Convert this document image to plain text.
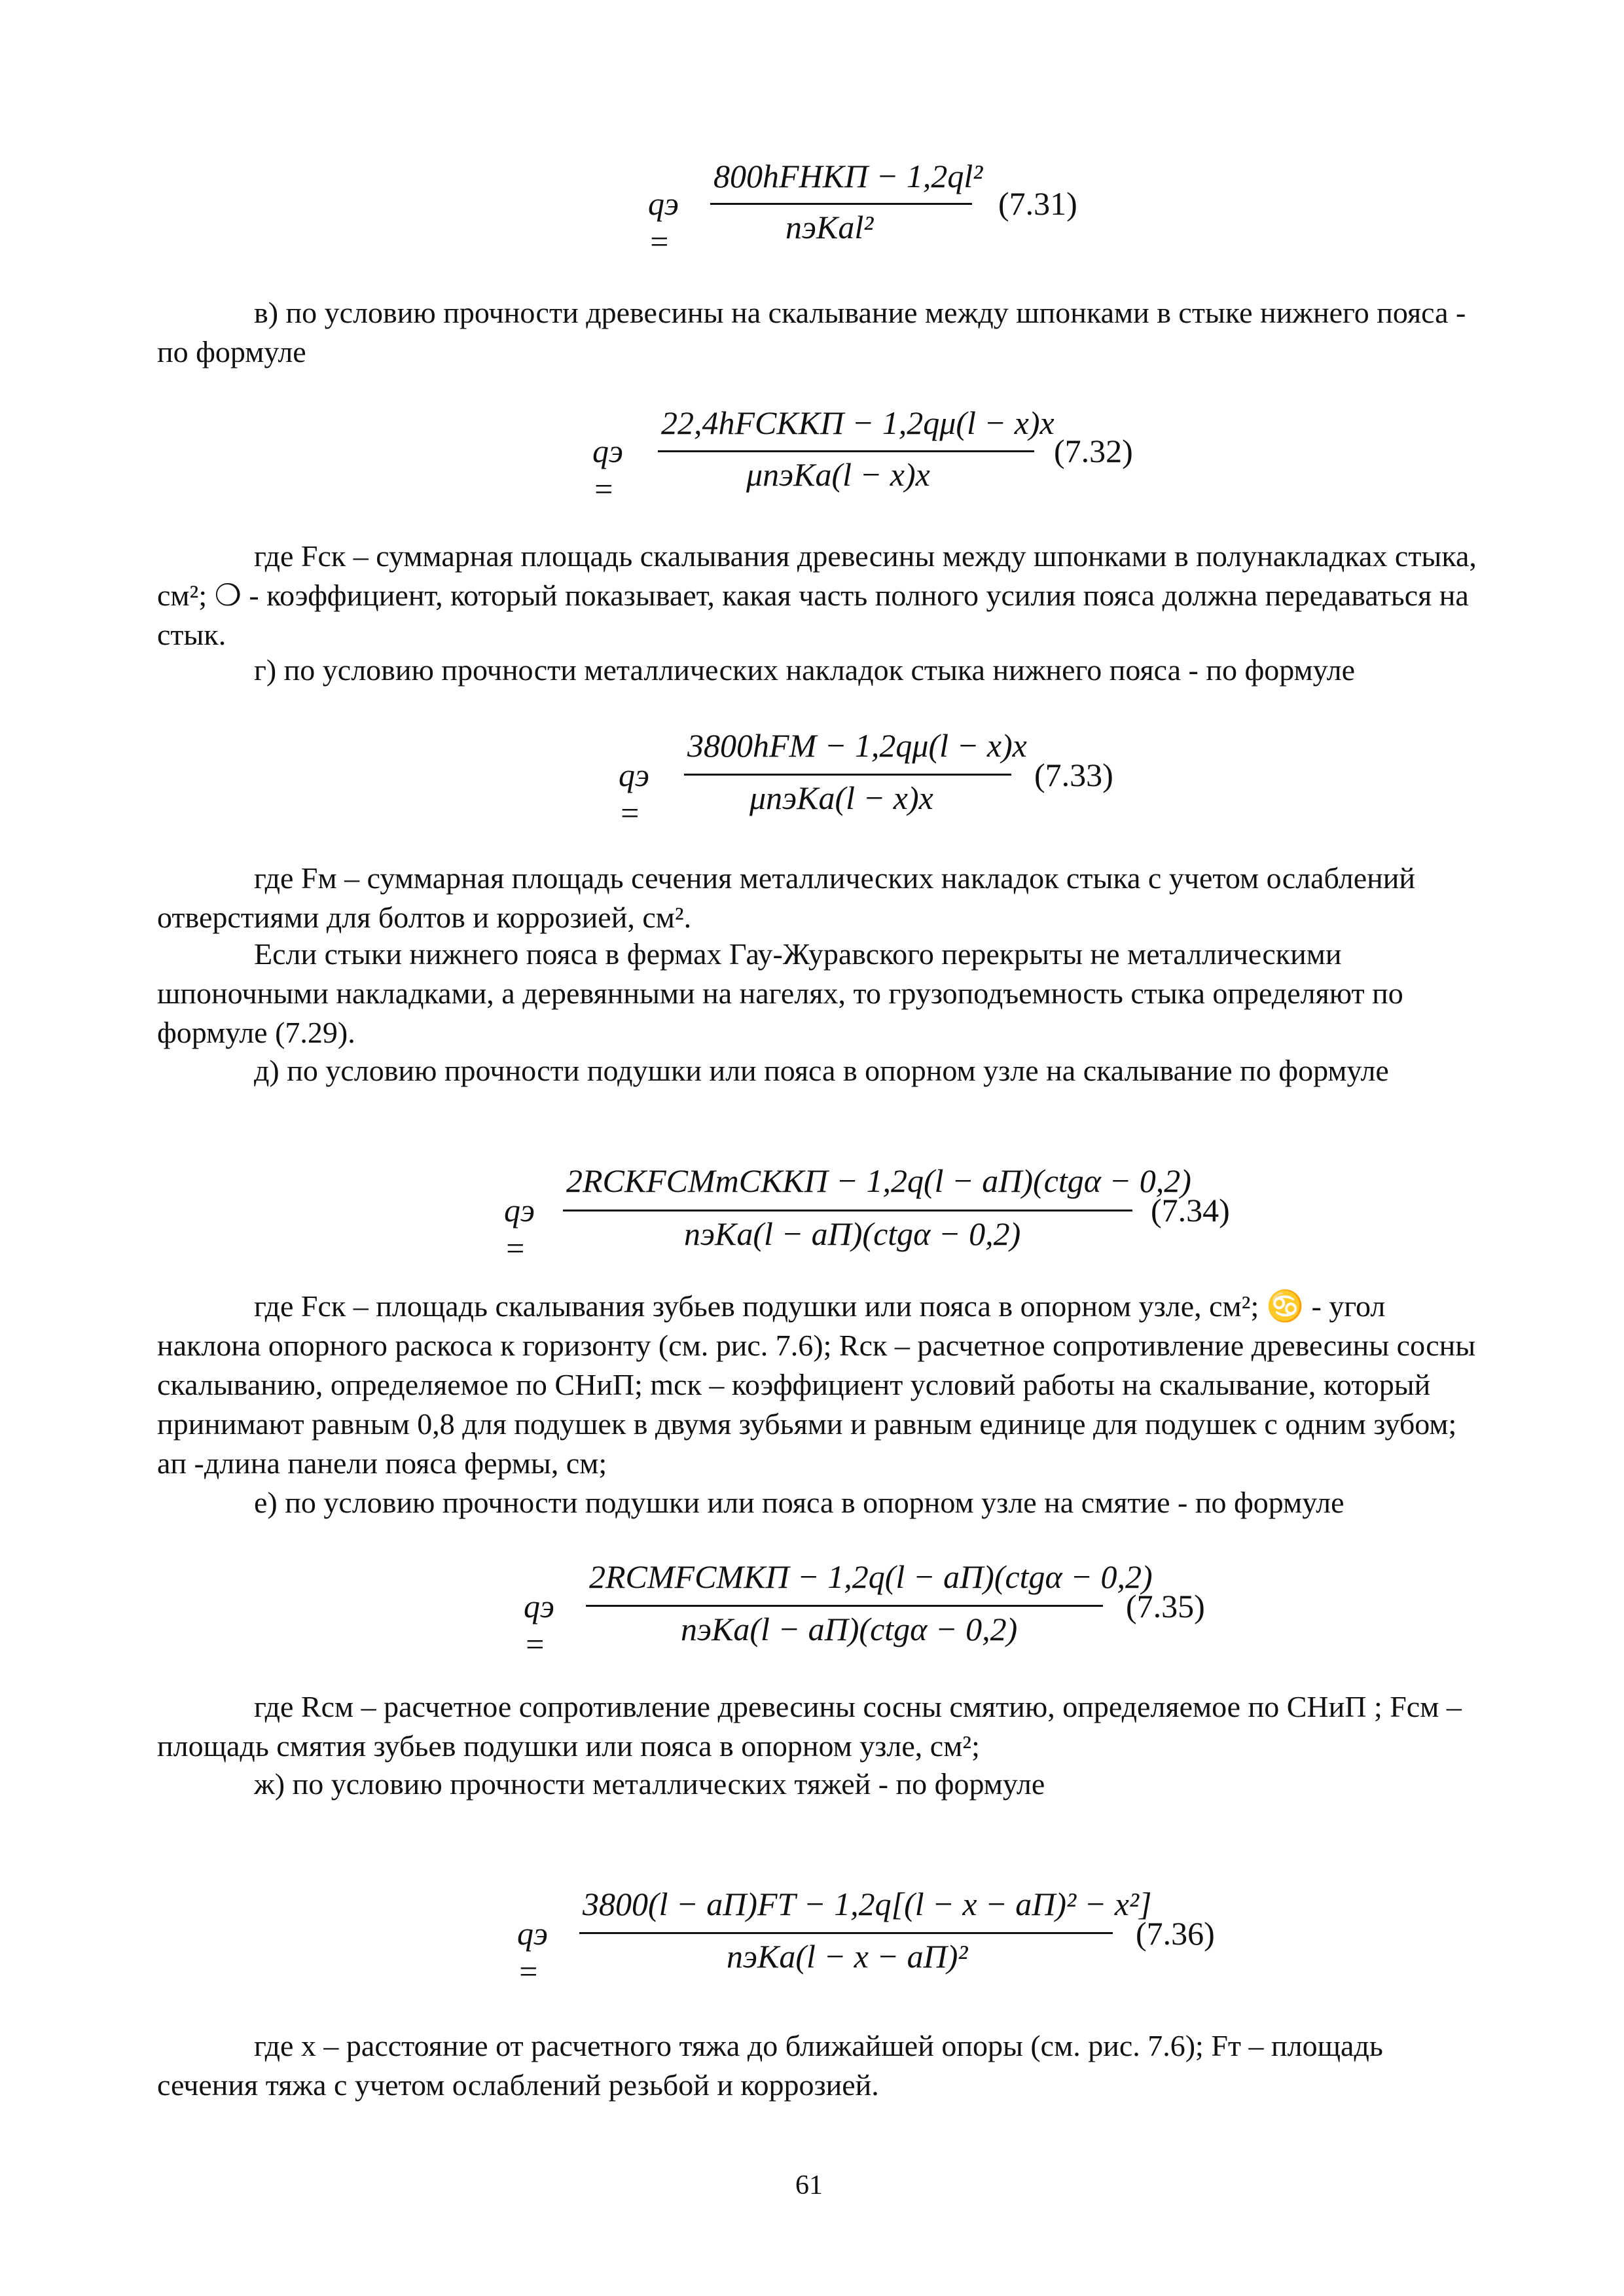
qэ =
800hFHKП − 1,2ql²
nэKаl²
(7.31)

в) по условию прочности древесины на скалывание между шпонками в стыке нижнего пояса - по формуле

qэ =
22,4hFСКKП − 1,2qμ(l − x)x
μnэKа(l − x)x
(7.32)

где Fск – суммарная площадь скалывания древесины между шпонками в полунакладках стыка, см²; ❍ - коэффициент, который показывает, какая часть полного усилия пояса должна передаваться на стык.

г) по условию прочности металлических накладок стыка нижнего пояса - по формуле

qэ =
3800hFМ − 1,2qμ(l − x)x
μnэKа(l − x)x
(7.33)

где Fм – суммарная площадь сечения металлических накладок стыка с учетом ослаблений отверстиями для болтов и коррозией, см².

Если стыки нижнего пояса в фермах Гау-Журавского перекрыты не металлическими шпоночными накладками, а деревянными на нагелях, то грузоподъемность стыка определяют по формуле (7.29).

д) по условию прочности подушки или пояса в опорном узле на скалывание по формуле

qэ =
2RСКFСМmСКKП − 1,2q(l − aП)(ctgα − 0,2)
nэKа(l − aП)(ctgα − 0,2)
(7.34)

где Fск – площадь скалывания зубьев подушки или пояса в опорном узле, см²; ♋ - угол наклона опорного раскоса к горизонту (см. рис. 7.6); Rск – расчетное сопротивление древесины сосны скалыванию, определяемое по СНиП; mск – коэффициент условий работы на скалывание, который принимают равным 0,8 для подушек в двумя зубьями и равным единице для подушек с одним зубом; aп -длина панели пояса фермы, см;

е) по условию прочности подушки или пояса в опорном узле на смятие - по формуле

qэ =
2RСМFСМKП − 1,2q(l − aП)(ctgα − 0,2)
nэKа(l − aП)(ctgα − 0,2)
(7.35)

где Rсм – расчетное сопротивление древесины сосны смятию, определяемое по СНиП ; Fсм – площадь смятия зубьев подушки или пояса в опорном узле, см²;

ж) по условию прочности металлических тяжей - по формуле

qэ =
3800(l − aП)FТ − 1,2q[(l − x − aП)² − x²]
nэKа(l − x − aП)²
(7.36)

где x – расстояние от расчетного тяжа до ближайшей опоры (см. рис. 7.6); Fт – площадь сечения тяжа с учетом ослаблений резьбой и коррозией.

61
